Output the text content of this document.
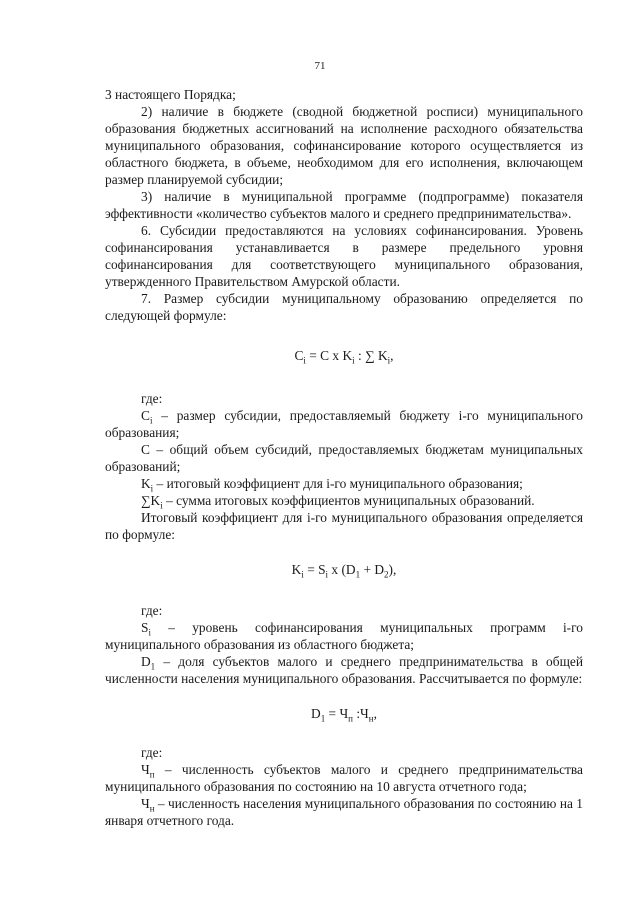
71

3 настоящего Порядка;

2) наличие в бюджете (сводной бюджетной росписи) муниципального образования бюджетных ассигнований на исполнение расходного обязательства муниципального образования, софинансирование которого осуществляется из областного бюджета, в объеме, необходимом для его исполнения, включающем размер планируемой субсидии;

3) наличие в муниципальной программе (подпрограмме) показателя эффективности «количество субъектов малого и среднего предпринимательства».

6. Субсидии предоставляются на условиях софинансирования. Уровень софинансирования устанавливается в размере предельного уровня софинансирования для соответствующего муниципального образования, утвержденного Правительством Амурской области.

7. Размер субсидии муниципальному образованию определяется по следующей формуле:

$C_i = C$ x $K_i$ : ∑ $K_i$,

где:

$C_i$ – размер субсидии, предоставляемый бюджету i-го муниципального образования;

C – общий объем субсидий, предоставляемых бюджетам муниципальных образований;

$K_i$ – итоговый коэффициент для i-го муниципального образования;

$\sum K_i$ – сумма итоговых коэффициентов муниципальных образований.

Итоговый коэффициент для i-го муниципального образования определяется по формуле:

$K_i = S_i$ x $(D_1 + D_2)$,

где:

$S_i$ – уровень софинансирования муниципальных программ i-го муниципального образования из областного бюджета;

$D_1$ – доля субъектов малого и среднего предпринимательства в общей численности населения муниципального образования. Рассчитывается по формуле:

$D_1 = Ч_п$ $:Ч_н$,

где:

$Ч_п$ – численность субъектов малого и среднего предпринимательства муниципального образования по состоянию на 10 августа отчетного года;

$Ч_н$ – численность населения муниципального образования по состоянию на 1 января отчетного года.
